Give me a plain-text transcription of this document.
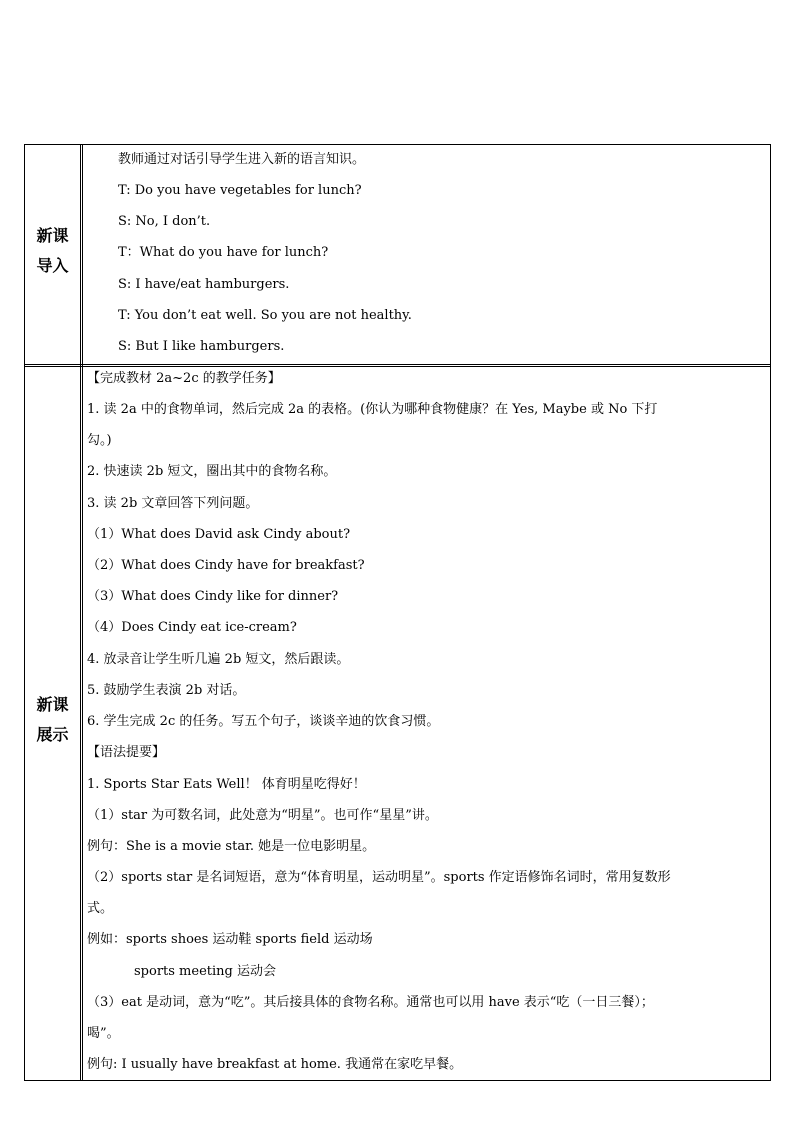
新课
导入
新课
展示
教师通过对话引导学生进入新的语言知识。
T: Do you have vegetables for lunch?
S: No, I don’t.
T：What do you have for lunch?
S: I have/eat hamburgers.
T: You don’t eat well. So you are not healthy.
S: But I like hamburgers.
【完成教材 2a~2c 的教学任务】
1. 读 2a 中的食物单词，然后完成 2a 的表格。(你认为哪种食物健康？在 Yes, Maybe 或 No 下打
勾。)
2. 快速读 2b 短文，圈出其中的食物名称。
3. 读 2b 文章回答下列问题。
（1）What does David ask Cindy about?
（2）What does Cindy have for breakfast?
（3）What does Cindy like for dinner?
（4）Does Cindy eat ice-cream?
4. 放录音让学生听几遍 2b 短文，然后跟读。
5. 鼓励学生表演 2b 对话。
6. 学生完成 2c 的任务。写五个句子，谈谈辛迪的饮食习惯。
【语法提要】
1. Sports Star Eats Well！ 体育明星吃得好！
（1）star 为可数名词，此处意为“明星”。也可作“星星”讲。
例句：She is a movie star. 她是一位电影明星。
（2）sports star 是名词短语，意为“体育明星，运动明星”。sports 作定语修饰名词时，常用复数形
式。
例如：sports shoes 运动鞋 sports field 运动场
sports meeting 运动会
（3）eat 是动词，意为“吃”。其后接具体的食物名称。通常也可以用 have 表示“吃（一日三餐）；
喝”。
例句: I usually have breakfast at home. 我通常在家吃早餐。
